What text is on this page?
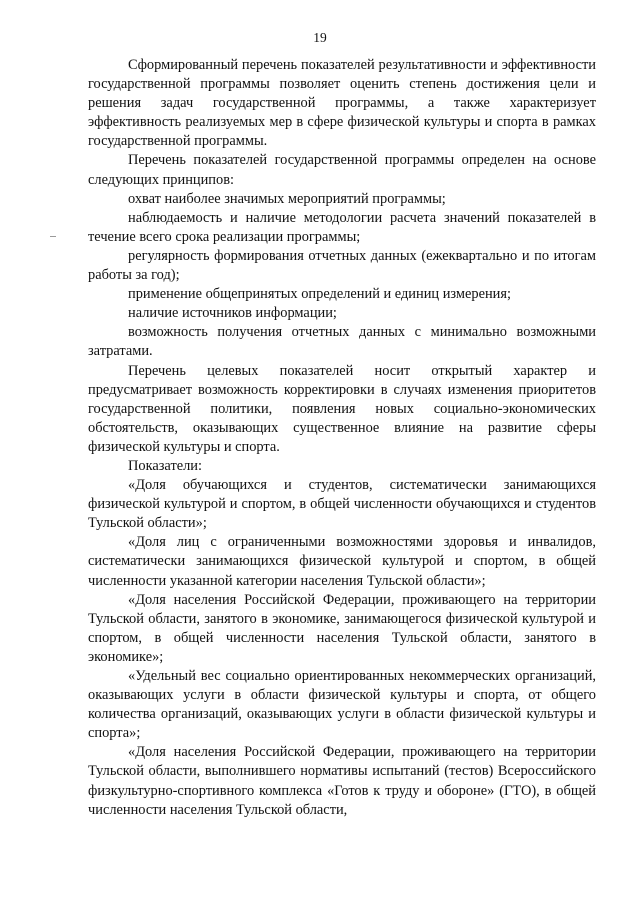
19

Сформированный перечень показателей результативности и эффективности государственной программы позволяет оценить степень достижения цели и решения задач государственной программы, а также характеризует эффективность реализуемых мер в сфере физической культуры и спорта в рамках государственной программы.

Перечень показателей государственной программы определен на основе следующих принципов:

охват наиболее значимых мероприятий программы;

наблюдаемость и наличие методологии расчета значений показателей в течение всего срока реализации программы;

регулярность формирования отчетных данных (ежеквартально и по итогам работы за год);

применение общепринятых определений и единиц измерения;

наличие источников информации;

возможность получения отчетных данных с минимально возможными затратами.

Перечень целевых показателей носит открытый характер и предусматривает возможность корректировки в случаях изменения приоритетов государственной политики, появления новых социально-экономических обстоятельств, оказывающих существенное влияние на развитие сферы физической культуры и спорта.

Показатели:

«Доля обучающихся и студентов, систематически занимающихся физической культурой и спортом, в общей численности обучающихся и студентов Тульской области»;

«Доля лиц с ограниченными возможностями здоровья и инвалидов, систематически занимающихся физической культурой и спортом, в общей численности указанной категории населения Тульской области»;

«Доля населения Российской Федерации, проживающего на территории Тульской области, занятого в экономике, занимающегося физической культурой и спортом, в общей численности населения Тульской области, занятого в экономике»;

«Удельный вес социально ориентированных некоммерческих организаций, оказывающих услуги в области физической культуры и спорта, от общего количества организаций, оказывающих услуги в области физической культуры и спорта»;

«Доля населения Российской Федерации, проживающего на территории Тульской области, выполнившего нормативы испытаний (тестов) Всероссийского физкультурно-спортивного комплекса «Готов к труду и обороне» (ГТО), в общей численности населения Тульской области,
